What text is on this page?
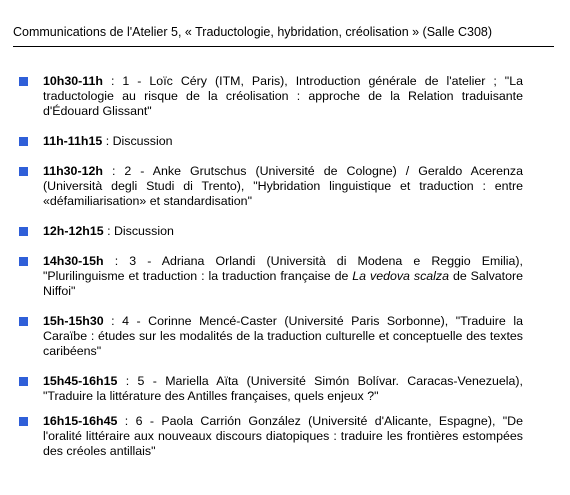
Communications de l'Atelier 5, « Traductologie, hybridation, créolisation » (Salle C308)
10h30-11h : 1 - Loïc Céry (ITM, Paris), Introduction générale de l'atelier ; "La traductologie au risque de la créolisation : approche de la Relation traduisante d'Édouard Glissant"
11h-11h15 : Discussion
11h30-12h : 2 - Anke Grutschus (Université de Cologne) / Geraldo Acerenza (Università degli Studi di Trento), "Hybridation linguistique et traduction : entre «défamiliarisation» et standardisation"
12h-12h15 : Discussion
14h30-15h : 3 - Adriana Orlandi (Università di Modena e Reggio Emilia), "Plurilinguisme et traduction : la traduction française de La vedova scalza de Salvatore Niffoi"
15h-15h30 : 4 - Corinne Mencé-Caster (Université Paris Sorbonne), "Traduire la Caraïbe : études sur les modalités de la traduction culturelle et conceptuelle des textes caribéens"
15h45-16h15 : 5 - Mariella Aïta (Université Simón Bolívar. Caracas-Venezuela), "Traduire la littérature des Antilles françaises, quels enjeux ?"
16h15-16h45 : 6 - Paola Carrión González (Université d'Alicante, Espagne), "De l'oralité littéraire aux nouveaux discours diatopiques : traduire les frontières estompées des créoles antillais"
